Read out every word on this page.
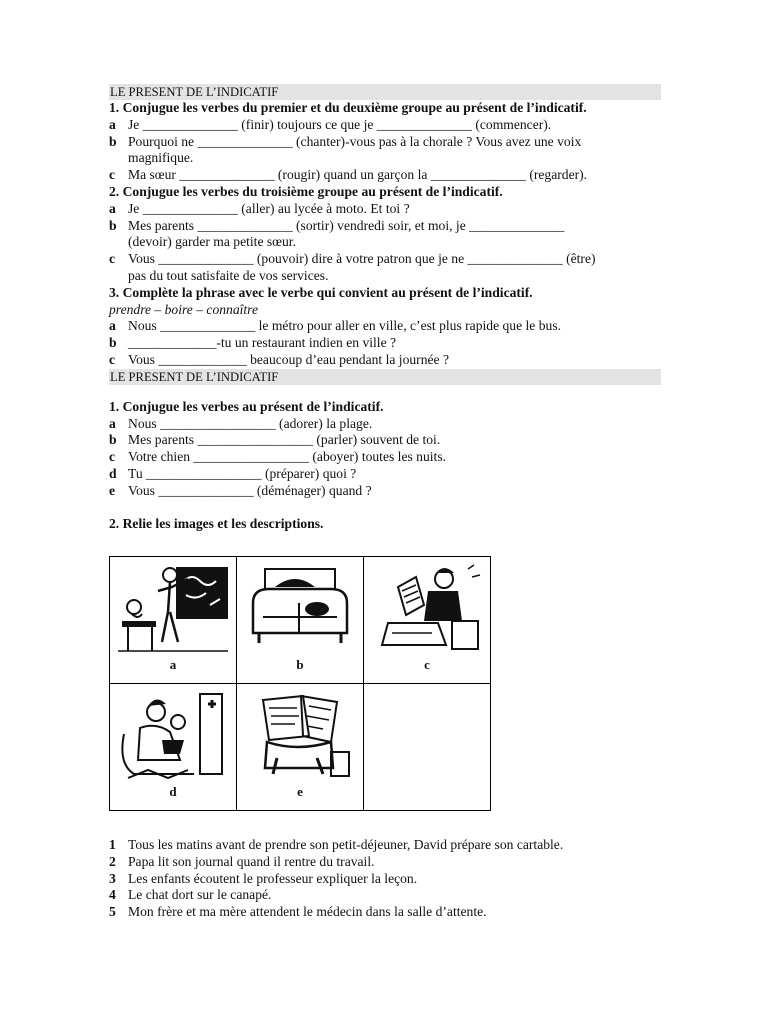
LE PRESENT DE L’INDICATIF
1. Conjugue les verbes du premier et du deuxième groupe au présent de l’indicatif.
a Je ______________ (finir) toujours ce que je ______________ (commencer).
b Pourquoi ne ______________ (chanter)-vous pas à la chorale ? Vous avez une voix
magnifique.
c Ma sœur ______________ (rougir) quand un garçon la ______________ (regarder).
2. Conjugue les verbes du troisième groupe au présent de l’indicatif.
a Je ______________ (aller) au lycée à moto. Et toi ?
b Mes parents ______________ (sortir) vendredi soir, et moi, je ______________
(devoir) garder ma petite sœur.
c Vous ______________ (pouvoir) dire à votre patron que je ne ______________ (être)
pas du tout satisfaite de vos services.
3. Complète la phrase avec le verbe qui convient au présent de l’indicatif.
prendre – boire – connaître
a Nous ______________ le métro pour aller en ville, c’est plus rapide que le bus.
b _____________-tu un restaurant indien en ville ?
c Vous _____________ beaucoup d’eau pendant la journée ?
LE PRESENT DE L’INDICATIF
1. Conjugue les verbes au présent de l’indicatif.
a Nous _________________ (adorer) la plage.
b Mes parents _________________ (parler) souvent de toi.
c Votre chien _________________ (aboyer) toutes les nuits.
d Tu _________________ (préparer) quoi ?
e Vous ______________ (déménager) quand ?
2. Relie les images et les descriptions.
a	b	c

d	e	

1 Tous les matins avant de prendre son petit-déjeuner, David prépare son cartable.
2 Papa lit son journal quand il rentre du travail.
3 Les enfants écoutent le professeur expliquer la leçon.
4 Le chat dort sur le canapé.
5 Mon frère et ma mère attendent le médecin dans la salle d’attente.
